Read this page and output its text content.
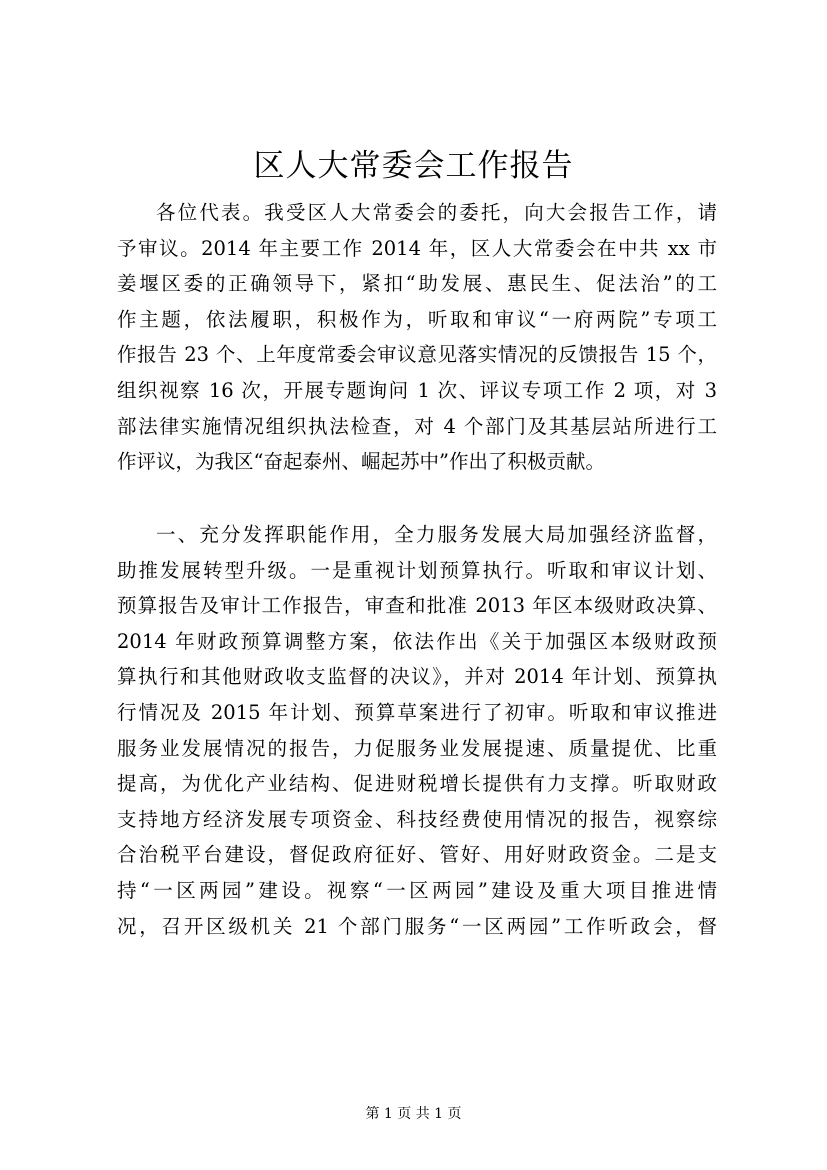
区人大常委会工作报告
各位代表。我受区人大常委会的委托，向大会报告工作，请
予审议。2014 年主要工作 2014 年，区人大常委会在中共 xx 市
姜堰区委的正确领导下，紧扣“助发展、惠民生、促法治”的工
作主题，依法履职，积极作为，听取和审议“一府两院”专项工
作报告 23 个、上年度常委会审议意见落实情况的反馈报告 15 个，
组织视察 16 次，开展专题询问 1 次、评议专项工作 2 项，对 3
部法律实施情况组织执法检查，对 4 个部门及其基层站所进行工
作评议，为我区“奋起泰州、崛起苏中”作出了积极贡献。
一、充分发挥职能作用，全力服务发展大局加强经济监督，
助推发展转型升级。一是重视计划预算执行。听取和审议计划、
预算报告及审计工作报告，审查和批准 2013 年区本级财政决算、
2014 年财政预算调整方案，依法作出《关于加强区本级财政预
算执行和其他财政收支监督的决议》，并对 2014 年计划、预算执
行情况及 2015 年计划、预算草案进行了初审。听取和审议推进
服务业发展情况的报告，力促服务业发展提速、质量提优、比重
提高，为优化产业结构、促进财税增长提供有力支撑。听取财政
支持地方经济发展专项资金、科技经费使用情况的报告，视察综
合治税平台建设，督促政府征好、管好、用好财政资金。二是支
持“一区两园”建设。视察“一区两园”建设及重大项目推进情
况，召开区级机关 21 个部门服务“一区两园”工作听政会，督
第 1 页 共 1 页
